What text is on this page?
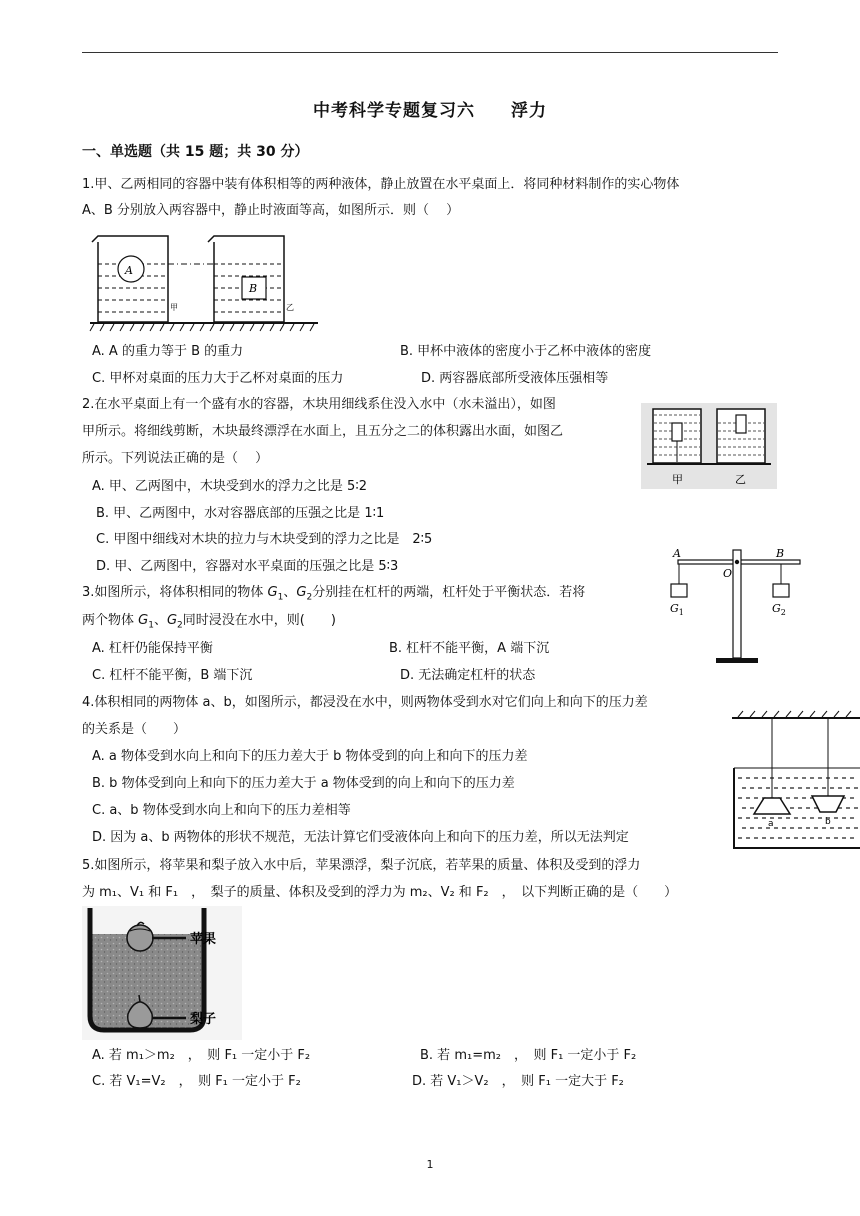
中考科学专题复习六　　浮力
一、单选题（共 15 题；共 30 分）
1.甲、乙两相同的容器中装有体积相等的两种液体，静止放置在水平桌面上．将同种材料制作的实心物体
A、B 分别放入两容器中，静止时液面等高，如图所示．则（　 ）
A
B
甲	乙
A. A 的重力等于 B 的重力	B. 甲杯中液体的密度小于乙杯中液体的密度
C. 甲杯对桌面的压力大于乙杯对桌面的压力	D. 两容器底部所受液体压强相等
2.在水平桌面上有一个盛有水的容器，木块用细线系住没入水中（水未溢出），如图
甲所示。将细线剪断，木块最终漂浮在水面上，且五分之二的体积露出水面，如图乙
所示。下列说法正确的是（　 ）
甲	乙
A. 甲、乙两图中，木块受到水的浮力之比是 5∶2
B. 甲、乙两图中，水对容器底部的压强之比是 1∶1
C. 甲图中细线对木块的拉力与木块受到的浮力之比是　2∶5
D. 甲、乙两图中，容器对水平桌面的压强之比是 5∶3
3.如图所示，将体积相同的物体 $G_1$、$G_2$分别挂在杠杆的两端，杠杆处于平衡状态．若将
两个物体 $G_1$、$G_2$同时浸没在水中，则(　　)
A	B
O
$G_1$	$G_2$
A. 杠杆仍能保持平衡	B. 杠杆不能平衡，A 端下沉
C. 杠杆不能平衡，B 端下沉	D. 无法确定杠杆的状态
4.体积相同的两物体 a、b，如图所示，都浸没在水中，则两物体受到水对它们向上和向下的压力差
的关系是（　　）
a	b
A. a 物体受到水向上和向下的压力差大于 b 物体受到的向上和向下的压力差
B. b 物体受到向上和向下的压力差大于 a 物体受到的向上和向下的压力差
C. a、b 物体受到水向上和向下的压力差相等
D. 因为 a、b 两物体的形状不规范，无法计算它们受液体向上和向下的压力差，所以无法判定
5.如图所示，将苹果和梨子放入水中后，苹果漂浮，梨子沉底，若苹果的质量、体积及受到的浮力
为 m₁、V₁ 和 F₁　，　梨子的质量、体积及受到的浮力为 m₂、V₂ 和 F₂　，　以下判断正确的是（　　）
苹果
梨子
A. 若 m₁＞m₂　，　则 F₁ 一定小于 F₂	B. 若 m₁=m₂　，　则 F₁ 一定小于 F₂
C. 若 V₁=V₂　，　则 F₁ 一定小于 F₂	D. 若 V₁＞V₂　，　则 F₁ 一定大于 F₂
1
